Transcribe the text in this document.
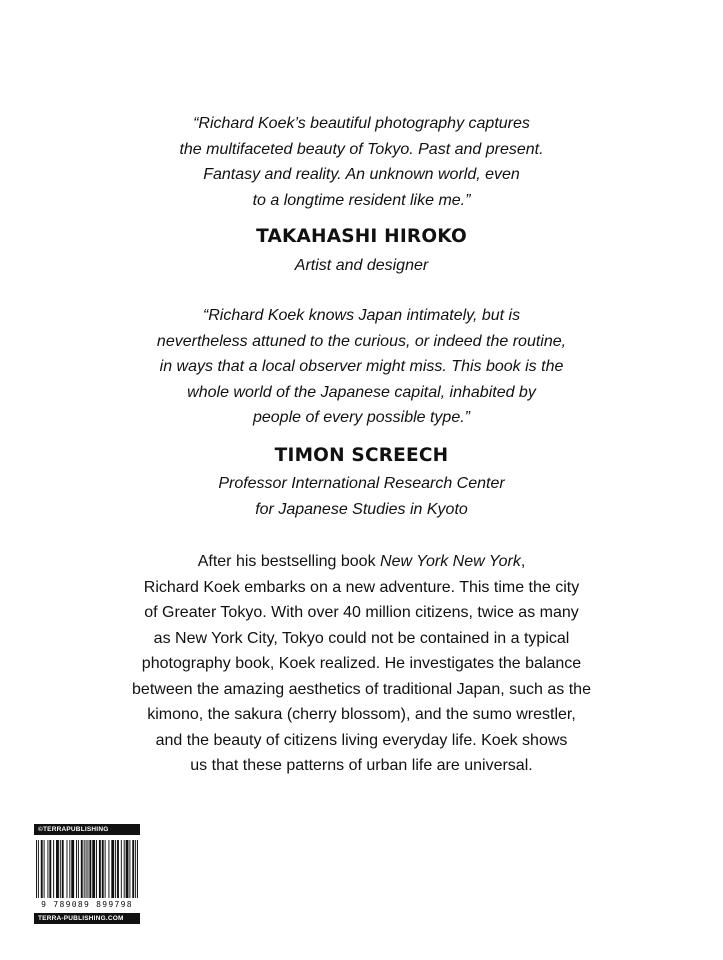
“Richard Koek’s beautiful photography captures
the multifaceted beauty of Tokyo. Past and present.
Fantasy and reality. An unknown world, even
to a longtime resident like me.”
TAKAHASHI HIROKO
Artist and designer
“Richard Koek knows Japan intimately, but is
nevertheless attuned to the curious, or indeed the routine,
in ways that a local observer might miss. This book is the
whole world of the Japanese capital, inhabited by
people of every possible type.”
TIMON SCREECH
Professor International Research Center
for Japanese Studies in Kyoto
After his bestselling book New York New York,
Richard Koek embarks on a new adventure. This time the city
of Greater Tokyo. With over 40 million citizens, twice as many
as New York City, Tokyo could not be contained in a typical
photography book, Koek realized. He investigates the balance
between the amazing aesthetics of traditional Japan, such as the
kimono, the sakura (cherry blossom), and the sumo wrestler,
and the beauty of citizens living everyday life. Koek shows
us that these patterns of urban life are universal.
©TERRAPUBLISHING
9 789089 899798
TERRA-PUBLISHING.COM
